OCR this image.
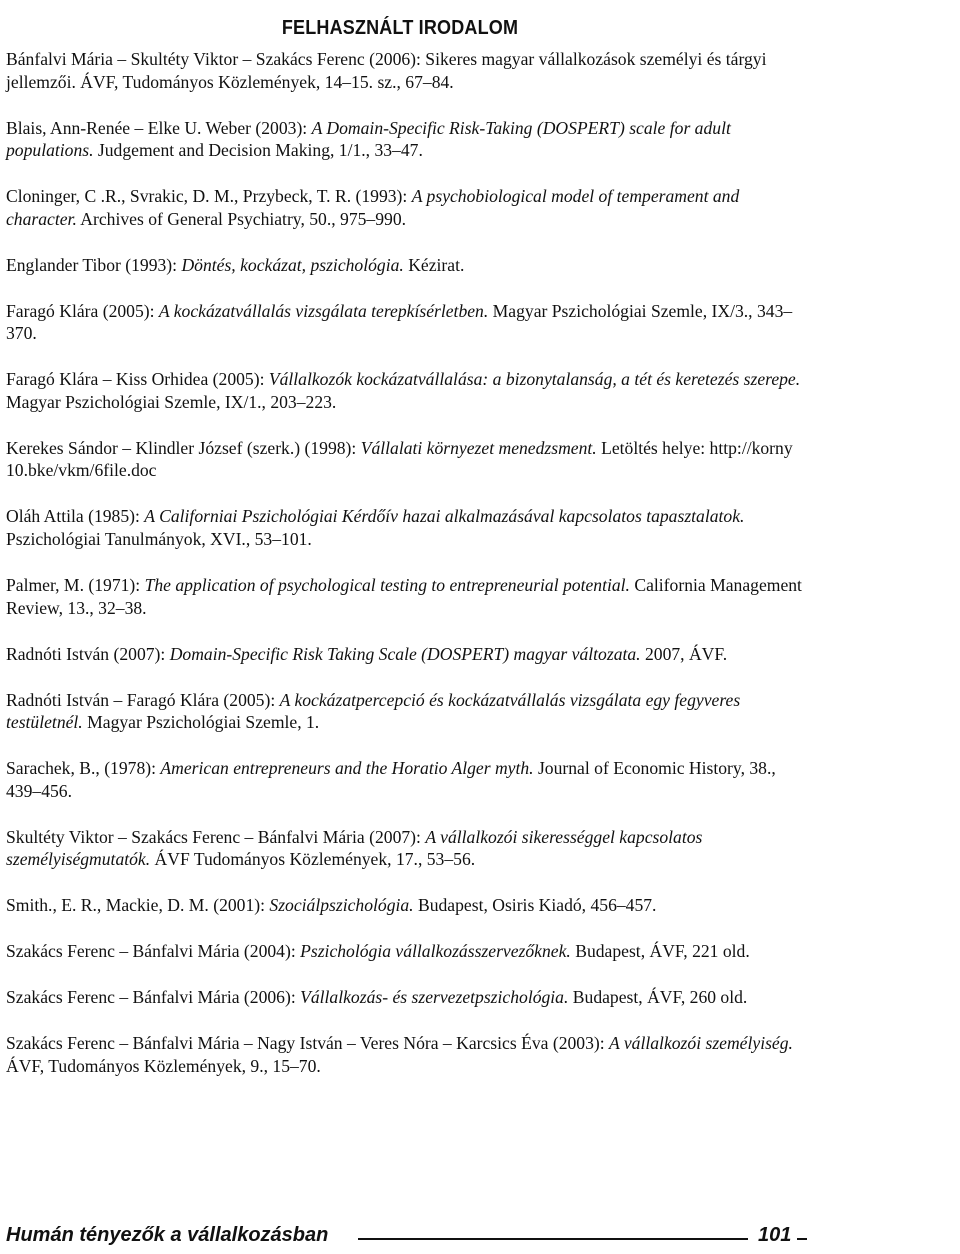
FELHASZNÁLT IRODALOM

Bánfalvi Mária – Skultéty Viktor – Szakács Ferenc (2006): Sikeres magyar vállalkozások személyi és tárgyi jellemzői. ÁVF, Tudományos Közlemények, 14–15. sz., 67–84.

Blais, Ann-Renée – Elke U. Weber (2003): A Domain-Specific Risk-Taking (DOSPERT) scale for adult populations. Judgement and Decision Making, 1/1., 33–47.

Cloninger, C .R., Svrakic, D. M., Przybeck, T. R. (1993): A psychobiological model of temperament and character. Archives of General Psychiatry, 50., 975–990.

Englander Tibor (1993): Döntés, kockázat, pszichológia. Kézirat.

Faragó Klára (2005): A kockázatvállalás vizsgálata terepkísérletben. Magyar Pszichológiai Szemle, IX/3., 343–370.

Faragó Klára – Kiss Orhidea (2005): Vállalkozók kockázatvállalása: a bizonytalanság, a tét és keretezés szerepe. Magyar Pszichológiai Szemle, IX/1., 203–223.

Kerekes Sándor – Klindler József (szerk.) (1998): Vállalati környezet menedzsment. Letöltés helye: http://korny 10.bke/vkm/6file.doc

Oláh Attila (1985): A Californiai Pszichológiai Kérdőív hazai alkalmazásával kapcsolatos tapasztalatok. Pszichológiai Tanulmányok, XVI., 53–101.

Palmer, M. (1971): The application of psychological testing to entrepreneurial potential. California Management Review, 13., 32–38.

Radnóti István (2007): Domain-Specific Risk Taking Scale (DOSPERT) magyar változata. 2007, ÁVF.

Radnóti István – Faragó Klára (2005): A kockázatpercepció és kockázatvállalás vizsgálata egy fegyveres testületnél. Magyar Pszichológiai Szemle, 1.

Sarachek, B., (1978): American entrepreneurs and the Horatio Alger myth. Journal of Economic History, 38., 439–456.

Skultéty Viktor – Szakács Ferenc – Bánfalvi Mária (2007): A vállalkozói sikerességgel kapcsolatos személyiségmutatók. ÁVF Tudományos Közlemények, 17., 53–56.

Smith., E. R., Mackie, D. M. (2001): Szociálpszichológia. Budapest, Osiris Kiadó, 456–457.

Szakács Ferenc – Bánfalvi Mária (2004): Pszichológia vállalkozásszervezőknek. Budapest, ÁVF, 221 old.

Szakács Ferenc – Bánfalvi Mária (2006): Vállalkozás- és szervezetpszichológia. Budapest, ÁVF, 260 old.

Szakács Ferenc – Bánfalvi Mária – Nagy István – Veres Nóra – Karcsics Éva (2003): A vállalkozói személyiség. ÁVF, Tudományos Közlemények, 9., 15–70.

Humán tényezők a vállalkozásban	101
